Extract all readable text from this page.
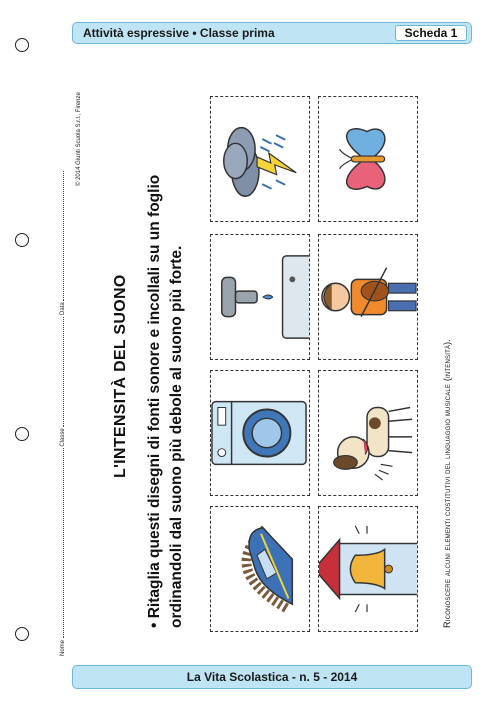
Attività espressive • Classe prima	Scheda 1
© 2014 Giunti Scuola S.r.l., Firenze
Nome  Classe  Data	L'INTENSITÀ DEL SUONO • Ritaglia questi disegni di fonti sonore e incollali su un foglio ordinandoli dal suono più debole al suono più forte.	Riconoscere alcuni elementi costitutivi del linguaggio musicale (intensità).
La Vita Scolastica - n. 5 - 2014
